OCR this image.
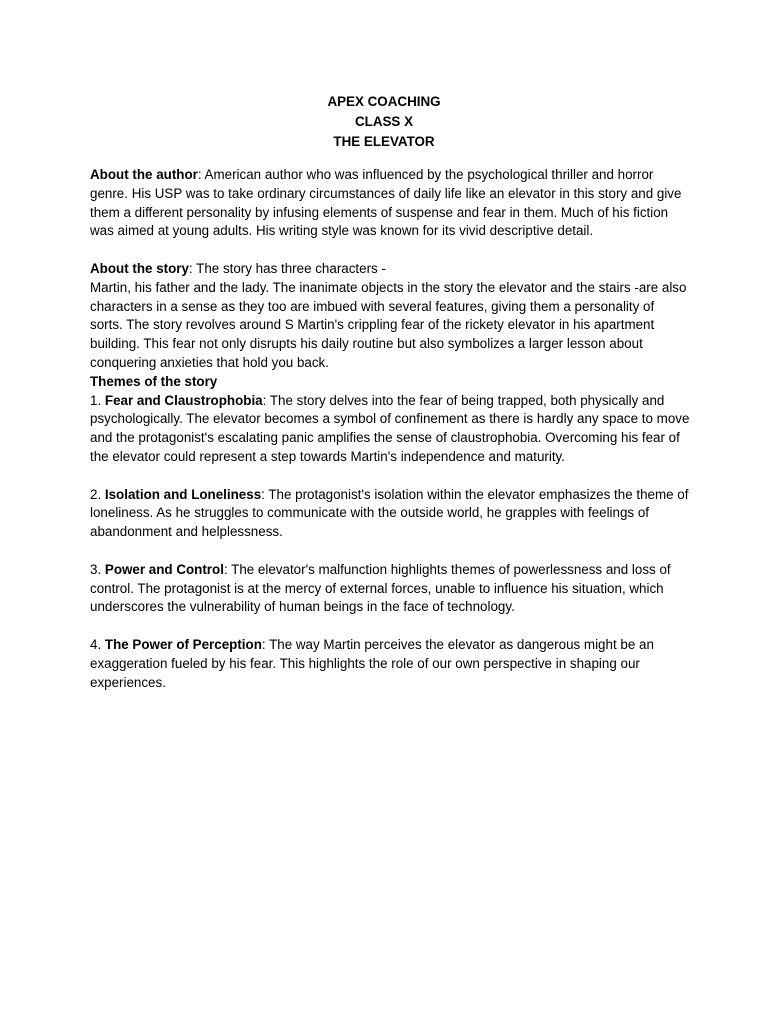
APEX COACHING
CLASS X
THE ELEVATOR

About the author: American author who was influenced by the psychological thriller and horror genre. His USP was to take ordinary circumstances of daily life like an elevator in this story and give them a different personality by infusing elements of suspense and fear in them. Much of his fiction was aimed at young adults. His writing style was known for its vivid descriptive detail.

About the story: The story has three characters -

Martin, his father and the lady. The inanimate objects in the story the elevator and the stairs -are also characters in a sense as they too are imbued with several features, giving them a personality of sorts. The story revolves around S Martin's crippling fear of the rickety elevator in his apartment building. This fear not only disrupts his daily routine but also symbolizes a larger lesson about conquering anxieties that hold you back.

Themes of the story

1. Fear and Claustrophobia: The story delves into the fear of being trapped, both physically and psychologically. The elevator becomes a symbol of confinement as there is hardly any space to move and the protagonist's escalating panic amplifies the sense of claustrophobia. Overcoming his fear of the elevator could represent a step towards Martin's independence and maturity.

2. Isolation and Loneliness: The protagonist's isolation within the elevator emphasizes the theme of loneliness. As he struggles to communicate with the outside world, he grapples with feelings of abandonment and helplessness.

3. Power and Control: The elevator's malfunction highlights themes of powerlessness and loss of control. The protagonist is at the mercy of external forces, unable to influence his situation, which underscores the vulnerability of human beings in the face of technology.

4. The Power of Perception: The way Martin perceives the elevator as dangerous might be an exaggeration fueled by his fear. This highlights the role of our own perspective in shaping our experiences.
